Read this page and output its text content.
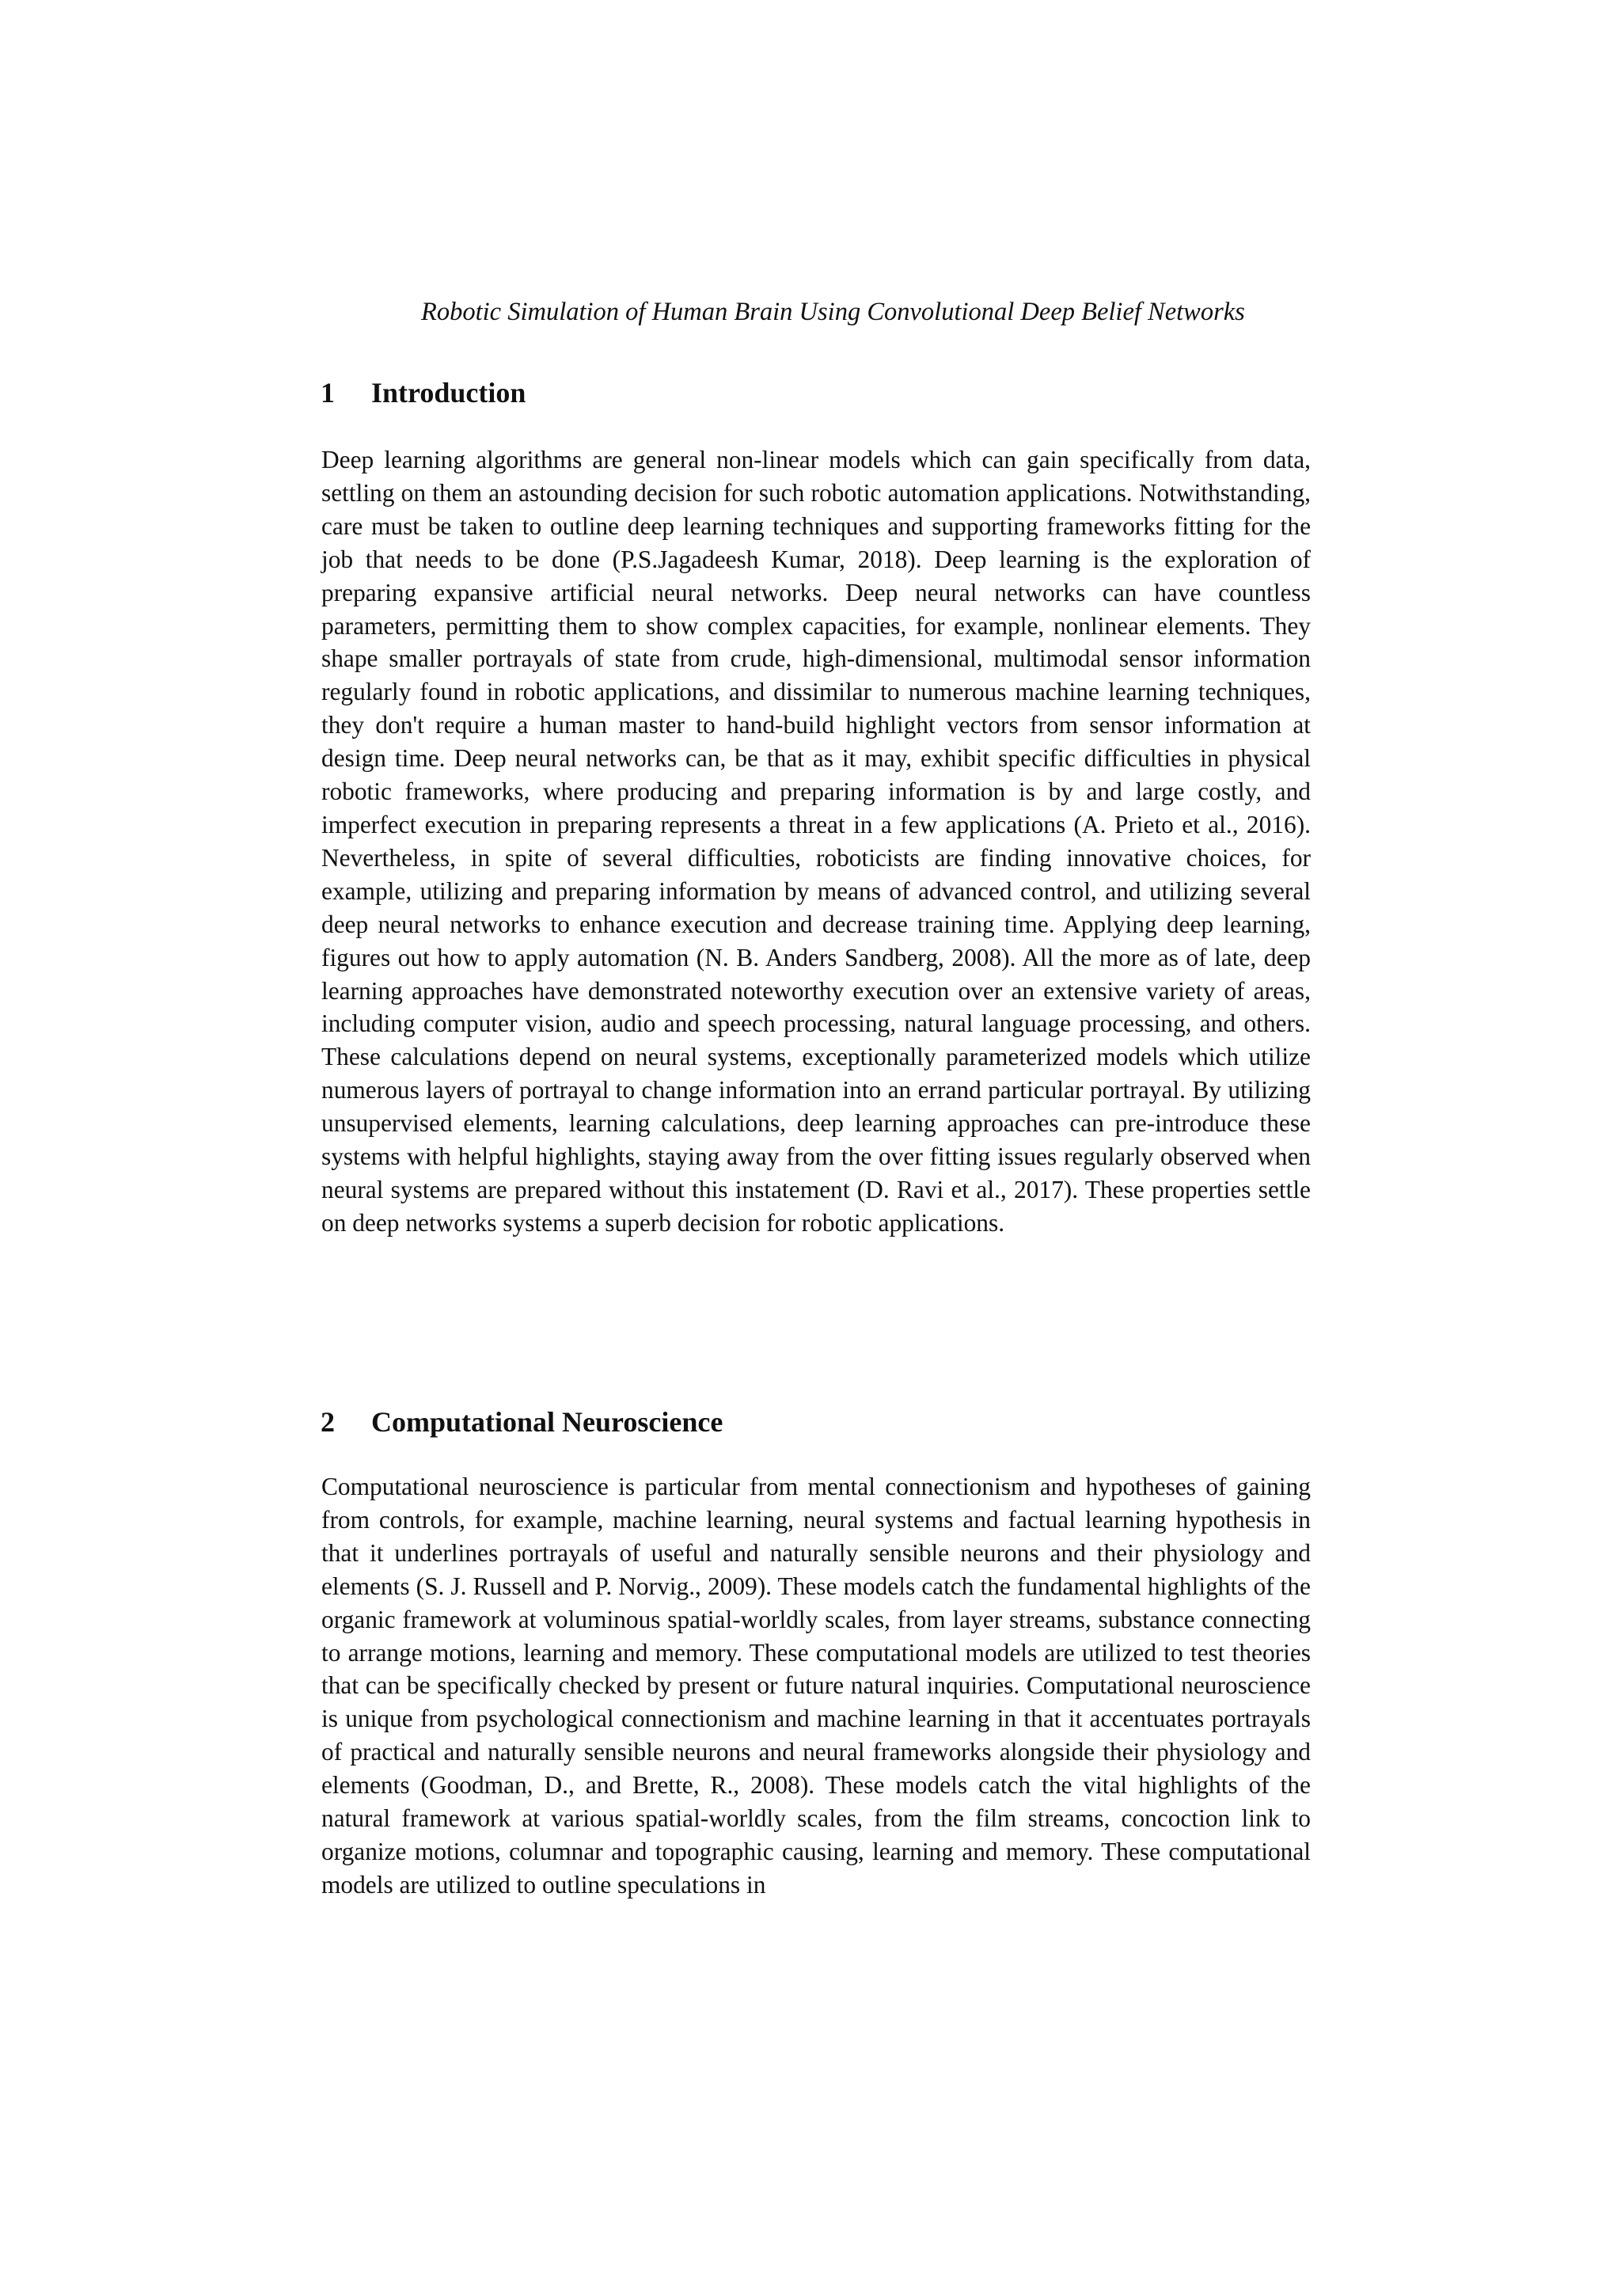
Robotic Simulation of Human Brain Using Convolutional Deep Belief Networks
1 Introduction
Deep learning algorithms are general non-linear models which can gain specifically from data, settling on them an astounding decision for such robotic automation applications. Notwithstanding, care must be taken to outline deep learning techniques and supporting frameworks fitting for the job that needs to be done (P.S.Jagadeesh Kumar, 2018). Deep learning is the exploration of preparing expansive artificial neural networks. Deep neural networks can have countless parameters, permitting them to show complex capacities, for example, nonlinear elements. They shape smaller portrayals of state from crude, high-dimensional, multimodal sensor information regularly found in robotic applications, and dissimilar to numerous machine learning techniques, they don't require a human master to hand-build highlight vectors from sensor information at design time. Deep neural networks can, be that as it may, exhibit specific difficulties in physical robotic frameworks, where producing and preparing information is by and large costly, and imperfect execution in preparing represents a threat in a few applications (A. Prieto et al., 2016). Nevertheless, in spite of several difficulties, roboticists are finding innovative choices, for example, utilizing and preparing information by means of advanced control, and utilizing several deep neural networks to enhance execution and decrease training time. Applying deep learning, figures out how to apply automation (N. B. Anders Sandberg, 2008). All the more as of late, deep learning approaches have demonstrated noteworthy execution over an extensive variety of areas, including computer vision, audio and speech processing, natural language processing, and others. These calculations depend on neural systems, exceptionally parameterized models which utilize numerous layers of portrayal to change information into an errand particular portrayal. By utilizing unsupervised elements, learning calculations, deep learning approaches can pre-introduce these systems with helpful highlights, staying away from the over fitting issues regularly observed when neural systems are prepared without this instatement (D. Ravi et al., 2017). These properties settle on deep networks systems a superb decision for robotic applications.
2 Computational Neuroscience
Computational neuroscience is particular from mental connectionism and hypotheses of gaining from controls, for example, machine learning, neural systems and factual learning hypothesis in that it underlines portrayals of useful and naturally sensible neurons and their physiology and elements (S. J. Russell and P. Norvig., 2009). These models catch the fundamental highlights of the organic framework at voluminous spatial-worldly scales, from layer streams, substance connecting to arrange motions, learning and memory. These computational models are utilized to test theories that can be specifically checked by present or future natural inquiries. Computational neuroscience is unique from psychological connectionism and machine learning in that it accentuates portrayals of practical and naturally sensible neurons and neural frameworks alongside their physiology and elements (Goodman, D., and Brette, R., 2008). These models catch the vital highlights of the natural framework at various spatial-worldly scales, from the film streams, concoction link to organize motions, columnar and topographic causing, learning and memory. These computational models are utilized to outline speculations in
